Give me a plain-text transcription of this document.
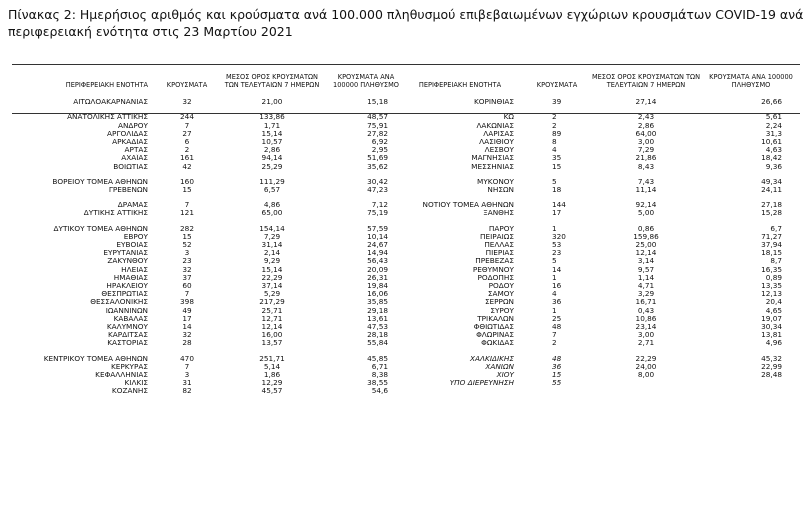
Πίνακας 2: Ημερήσιος αριθμός και κρούσματα ανά 100.000 πληθυσμού επιβεβαιωμένων εγχώριων κρουσμάτων COVID-19 ανά περιφερειακή ενότητα στις 23 Μαρτίου 2021
ΠΕΡΙΦΕΡΕΙΑΚΗ ΕΝΟΤΗΤΑ	ΚΡΟΥΣΜΑΤΑ	ΜΕΣΟΣ ΟΡΟΣ ΚΡΟΥΣΜΑΤΩΝ ΤΩΝ ΤΕΛΕΥΤΑΙΩΝ 7 ΗΜΕΡΩΝ	ΚΡΟΥΣΜΑΤΑ ΑΝΑ 100000 ΠΛΗΘΥΣΜΟ	ΠΕΡΙΦΕΡΕΙΑΚΗ ΕΝΟΤΗΤΑ	ΚΡΟΥΣΜΑΤΑ	ΜΕΣΟΣ ΟΡΟΣ ΚΡΟΥΣΜΑΤΩΝ ΤΩΝ ΤΕΛΕΥΤΑΙΩΝ 7 ΗΜΕΡΩΝ	ΚΡΟΥΣΜΑΤΑ ΑΝΑ 100000 ΠΛΗΘΥΣΜΟ
ΑΙΤΩΛΟΑΚΑΡΝΑΝΙΑΣ	32	21,00	15,18	ΚΟΡΙΝΘΙΑΣ	39	27,14	26,66

ΑΝΑΤΟΛΙΚΗΣ ΑΤΤΙΚΗΣ	244	133,86	48,57	ΚΩ	2	2,43	5,61
ΑΝΔΡΟΥ	7	1,71	75,91	ΛΑΚΩΝΙΑΣ	2	2,86	2,24
ΑΡΓΟΛΙΔΑΣ	27	15,14	27,82	ΛΑΡΙΣΑΣ	89	64,00	31,3
ΑΡΚΑΔΙΑΣ	6	10,57	6,92	ΛΑΣΙΘΙΟΥ	8	3,00	10,61
ΑΡΤΑΣ	2	2,86	2,95	ΛΕΣΒΟΥ	4	7,29	4,63
ΑΧΑΪΑΣ	161	94,14	51,69	ΜΑΓΝΗΣΙΑΣ	35	21,86	18,42
ΒΟΙΩΤΙΑΣ	42	25,29	35,62	ΜΕΣΣΗΝΙΑΣ	15	8,43	9,36

ΒΟΡΕΙΟΥ ΤΟΜΕΑ ΑΘΗΝΩΝ	160	111,29	30,42	ΜΥΚΟΝΟΥ	5	7,43	49,34
ΓΡΕΒΕΝΩΝ	15	6,57	47,23	ΝΗΣΩΝ	18	11,14	24,11

ΔΡΑΜΑΣ	7	4,86	7,12	ΝΟΤΙΟΥ ΤΟΜΕΑ ΑΘΗΝΩΝ	144	92,14	27,18
ΔΥΤΙΚΗΣ ΑΤΤΙΚΗΣ	121	65,00	75,19	ΞΑΝΘΗΣ	17	5,00	15,28

ΔΥΤΙΚΟΥ ΤΟΜΕΑ ΑΘΗΝΩΝ	282	154,14	57,59	ΠΑΡΟΥ	1	0,86	6,7
ΕΒΡΟΥ	15	7,29	10,14	ΠΕΙΡΑΙΩΣ	320	159,86	71,27
ΕΥΒΟΙΑΣ	52	31,14	24,67	ΠΕΛΛΑΣ	53	25,00	37,94
ΕΥΡΥΤΑΝΙΑΣ	3	2,14	14,94	ΠΙΕΡΙΑΣ	23	12,14	18,15
ΖΑΚΥΝΘΟΥ	23	9,29	56,43	ΠΡΕΒΕΖΑΣ	5	3,14	8,7
ΗΛΕΙΑΣ	32	15,14	20,09	ΡΕΘΥΜΝΟΥ	14	9,57	16,35
ΗΜΑΘΙΑΣ	37	22,29	26,31	ΡΟΔΟΠΗΣ	1	1,14	0,89
ΗΡΑΚΛΕΙΟΥ	60	37,14	19,84	ΡΟΔΟΥ	16	4,71	13,35
ΘΕΣΠΡΩΤΙΑΣ	7	5,29	16,06	ΣΑΜΟΥ	4	3,29	12,13
ΘΕΣΣΑΛΟΝΙΚΗΣ	398	217,29	35,85	ΣΕΡΡΩΝ	36	16,71	20,4
ΙΩΑΝΝΙΝΩΝ	49	25,71	29,18	ΣΥΡΟΥ	1	0,43	4,65
ΚΑΒΑΛΑΣ	17	12,71	13,61	ΤΡΙΚΑΛΩΝ	25	10,86	19,07
ΚΑΛΥΜΝΟΥ	14	12,14	47,53	ΦΘΙΩΤΙΔΑΣ	48	23,14	30,34
ΚΑΡΔΙΤΣΑΣ	32	16,00	28,18	ΦΛΩΡΙΝΑΣ	7	3,00	13,81
ΚΑΣΤΟΡΙΑΣ	28	13,57	55,84	ΦΩΚΙΔΑΣ	2	2,71	4,96

ΚΕΝΤΡΙΚΟΥ ΤΟΜΕΑ ΑΘΗΝΩΝ	470	251,71	45,85	ΧΑΛΚΙΔΙΚΗΣ	48	22,29	45,32
ΚΕΡΚΥΡΑΣ	7	5,14	6,71	ΧΑΝΙΩΝ	36	24,00	22,99
ΚΕΦΑΛΛΗΝΙΑΣ	3	1,86	8,38	ΧΙΟΥ	15	8,00	28,48
ΚΙΛΚΙΣ	31	12,29	38,55	ΥΠΟ ΔΙΕΡΕΥΝΗΣΗ	55		
ΚΟΖΑΝΗΣ	82	45,57	54,6				
